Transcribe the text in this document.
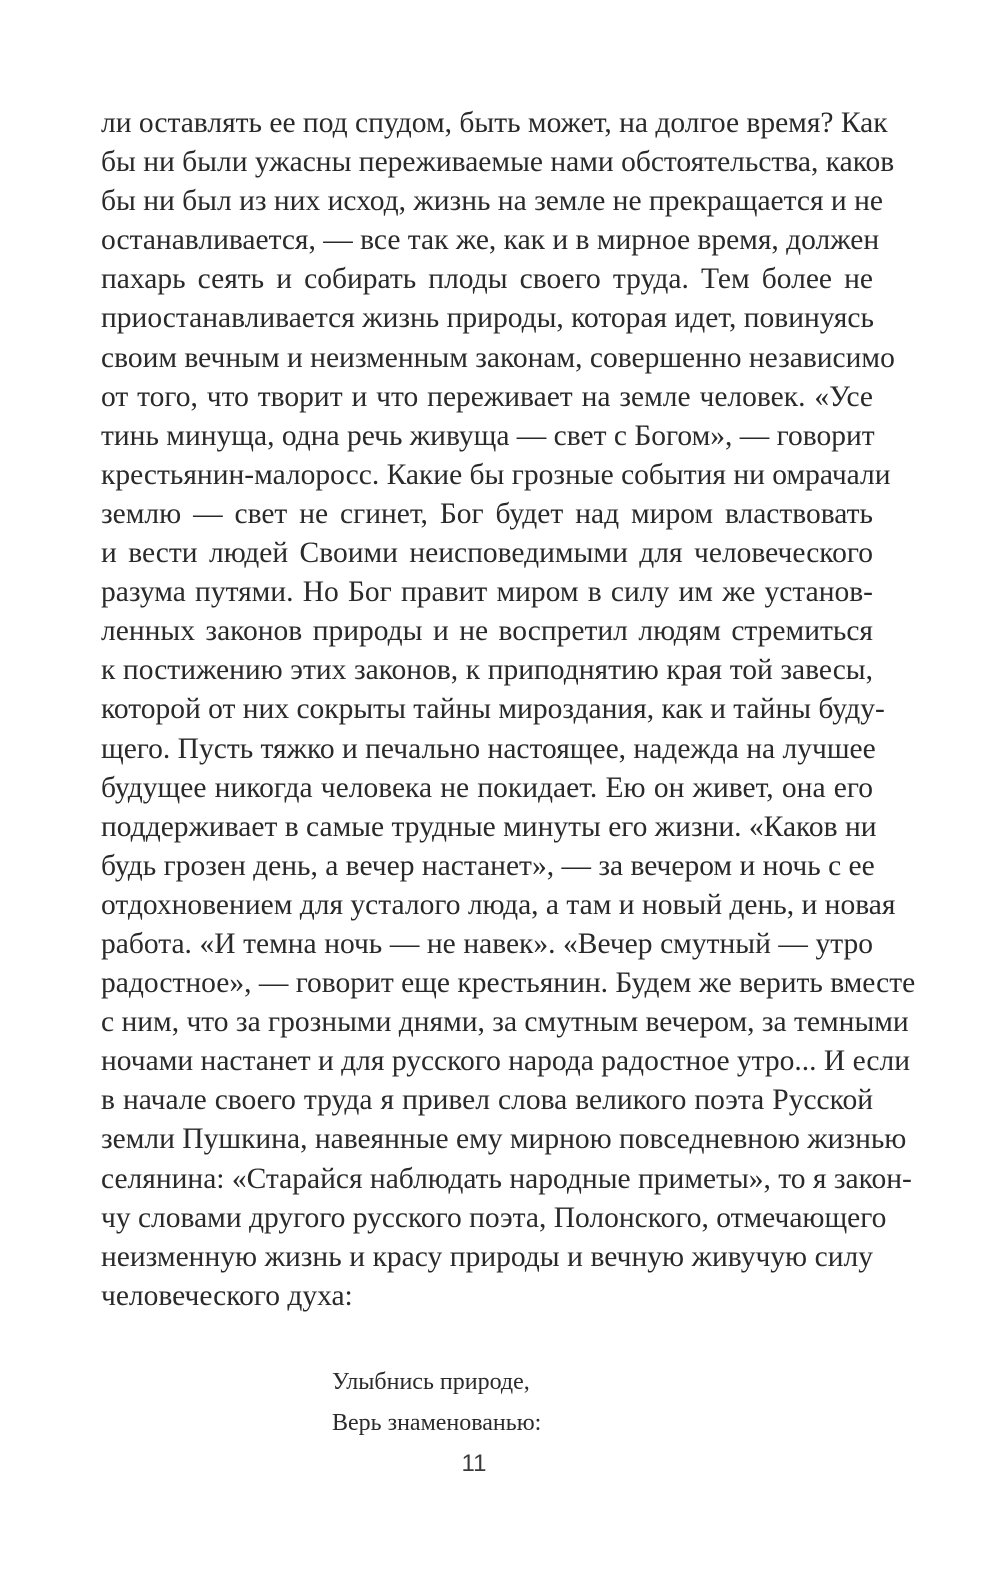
ли оставлять ее под спудом, быть может, на долгое время? Как
бы ни были ужасны переживаемые нами обстоятельства, каков
бы ни был из них исход, жизнь на земле не прекращается и не
останавливается, — все так же, как и в мирное время, должен
пахарь сеять и собирать плоды своего труда. Тем более не
приостанавливается жизнь природы, которая идет, повинуясь
своим вечным и неизменным законам, совершенно независимо
от того, что творит и что переживает на земле человек. «Усе
тинь минуща, одна речь живуща — свет с Богом», — говорит
крестьянин-малоросс. Какие бы грозные события ни омрачали
землю — свет не сгинет, Бог будет над миром властвовать
и вести людей Своими неисповедимыми для человеческого
разума путями. Но Бог правит миром в силу им же установ-
ленных законов природы и не воспретил людям стремиться
к постижению этих законов, к приподнятию края той завесы,
которой от них сокрыты тайны мироздания, как и тайны буду-
щего. Пусть тяжко и печально настоящее, надежда на лучшее
будущее никогда человека не покидает. Ею он живет, она его
поддерживает в самые трудные минуты его жизни. «Каков ни
будь грозен день, а вечер настанет», — за вечером и ночь с ее
отдохновением для усталого люда, а там и новый день, и новая
работа. «И темна ночь — не навек». «Вечер смутный — утро
радостное», — говорит еще крестьянин. Будем же верить вместе
с ним, что за грозными днями, за смутным вечером, за темными
ночами настанет и для русского народа радостное утро... И если
в начале своего труда я привел слова великого поэта Русской
земли Пушкина, навеянные ему мирною повседневною жизнью
селянина: «Старайся наблюдать народные приметы», то я закон-
чу словами другого русского поэта, Полонского, отмечающего
неизменную жизнь и красу природы и вечную живучую силу
человеческого духа:
Улыбнись природе,
Верь знаменованью:
11
